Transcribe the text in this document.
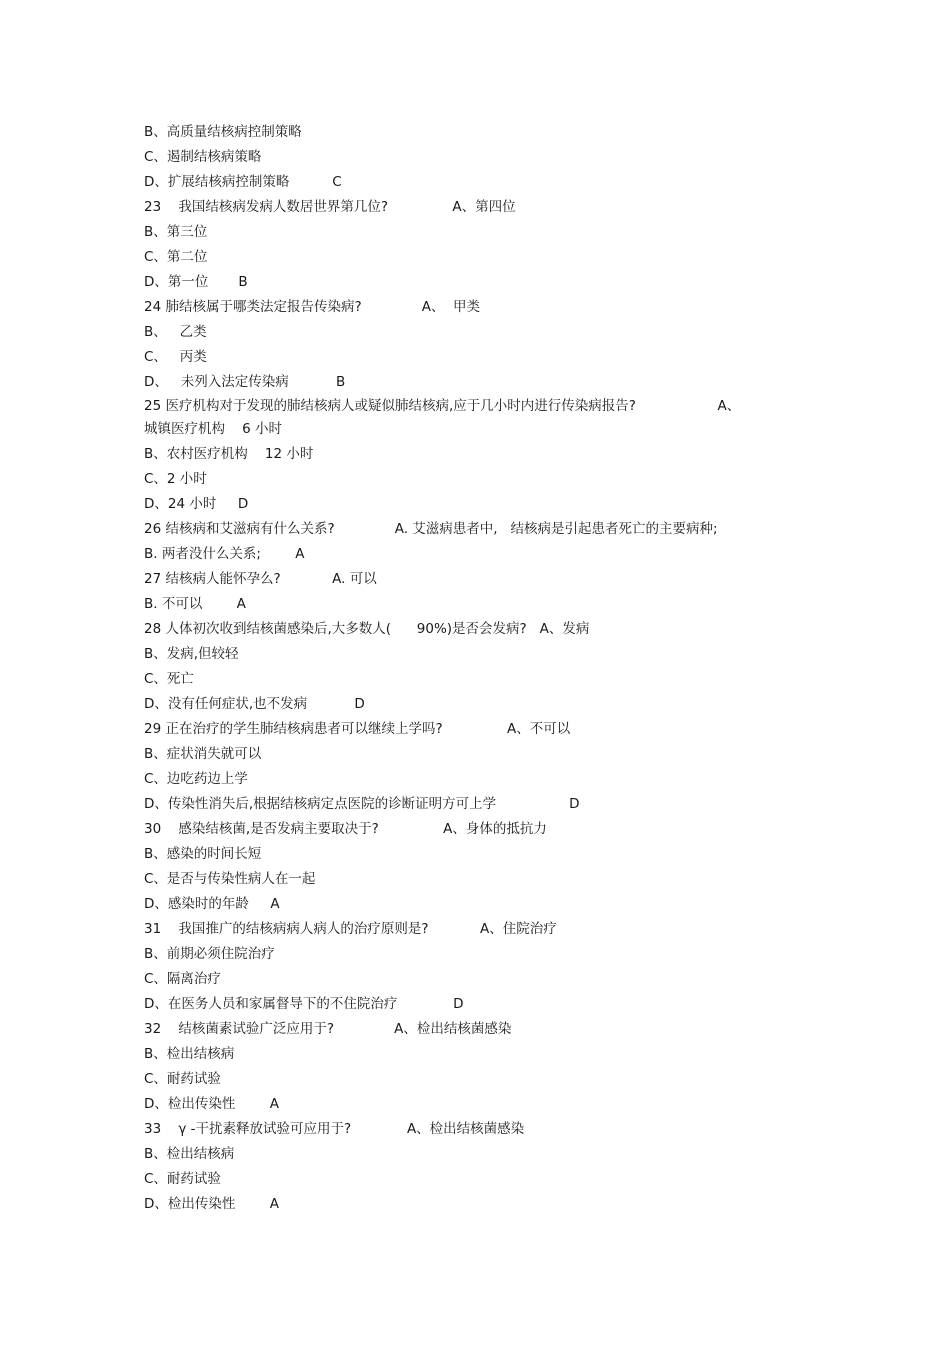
B、高质量结核病控制策略
C、遏制结核病策略
D、扩展结核病控制策略          C
23    我国结核病发病人数居世界第几位?               A、第四位
B、第三位
C、第二位
D、第一位       B
24 肺结核属于哪类法定报告传染病?              A、  甲类
B、   乙类
C、   丙类
D、   未列入法定传染病           B
25 医疗机构对于发现的肺结核病人或疑似肺结核病,应于几小时内进行传染病报告?                   A、
城镇医疗机构    6 小时
B、农村医疗机构    12 小时
C、2 小时
D、24 小时     D
26 结核病和艾滋病有什么关系?              A. 艾滋病患者中,   结核病是引起患者死亡的主要病种;
B. 两者没什么关系;        A
27 结核病人能怀孕么?            A. 可以
B. 不可以        A
28 人体初次收到结核菌感染后,大多数人(      90%)是否会发病?   A、发病
B、发病,但较轻
C、死亡
D、没有任何症状,也不发病           D
29 正在治疗的学生肺结核病患者可以继续上学吗?               A、不可以
B、症状消失就可以
C、边吃药边上学
D、传染性消失后,根据结核病定点医院的诊断证明方可上学                 D
30    感染结核菌,是否发病主要取决于?               A、身体的抵抗力
B、感染的时间长短
C、是否与传染性病人在一起
D、感染时的年龄     A
31    我国推广的结核病病人病人的治疗原则是?            A、住院治疗
B、前期必须住院治疗
C、隔离治疗
D、在医务人员和家属督导下的不住院治疗             D
32    结核菌素试验广泛应用于?              A、检出结核菌感染
B、检出结核病
C、耐药试验
D、检出传染性        A
33    γ -干扰素释放试验可应用于?             A、检出结核菌感染
B、检出结核病
C、耐药试验
D、检出传染性        A
